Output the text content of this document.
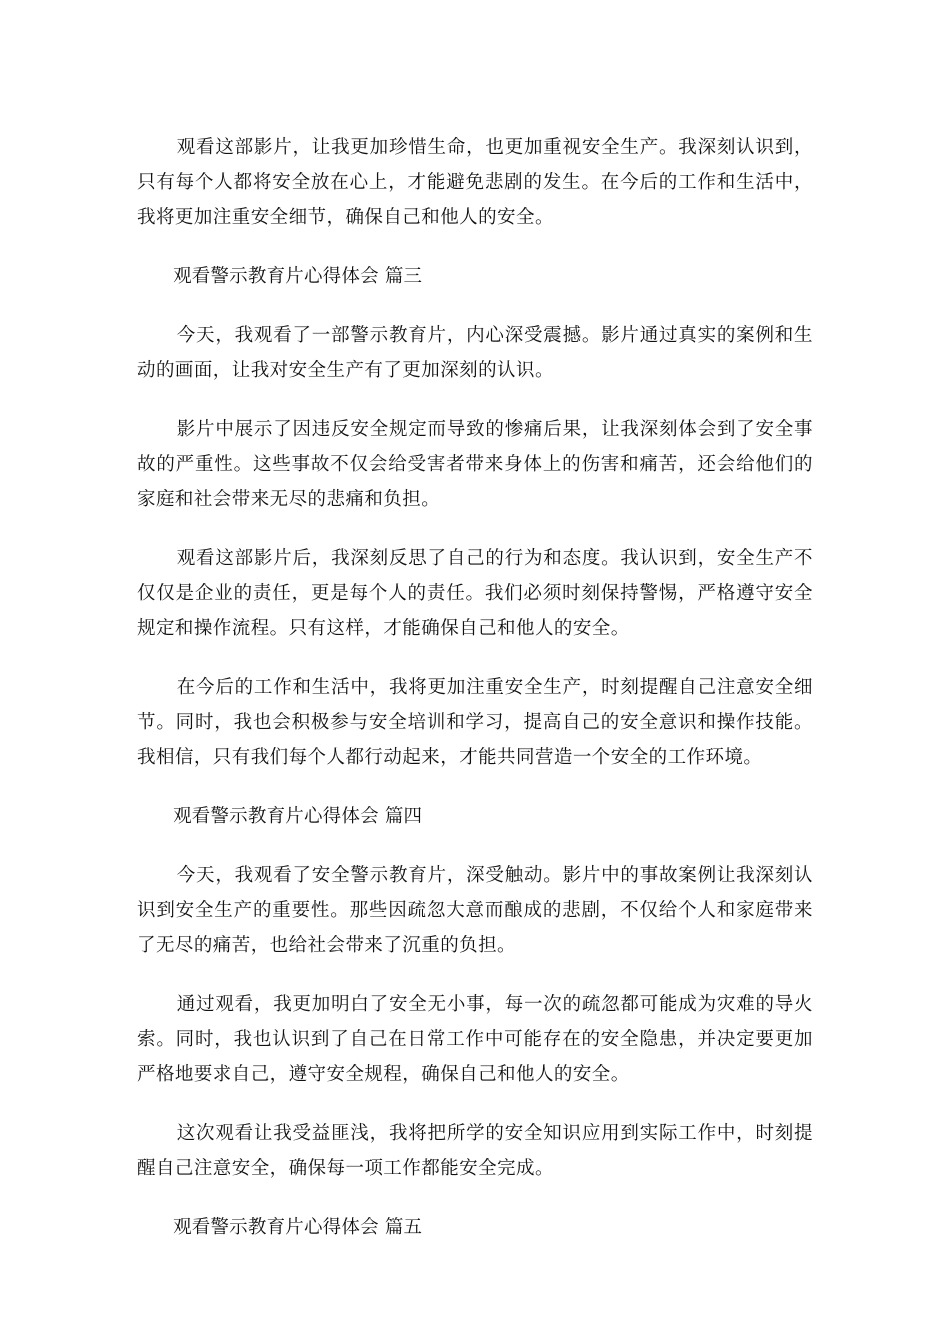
观看这部影片，让我更加珍惜生命，也更加重视安全生产。我深刻认识到，只有每个人都将安全放在心上，才能避免悲剧的发生。在今后的工作和生活中，我将更加注重安全细节，确保自己和他人的安全。

观看警示教育片心得体会 篇三

今天，我观看了一部警示教育片，内心深受震撼。影片通过真实的案例和生动的画面，让我对安全生产有了更加深刻的认识。

影片中展示了因违反安全规定而导致的惨痛后果，让我深刻体会到了安全事故的严重性。这些事故不仅会给受害者带来身体上的伤害和痛苦，还会给他们的家庭和社会带来无尽的悲痛和负担。

观看这部影片后，我深刻反思了自己的行为和态度。我认识到，安全生产不仅仅是企业的责任，更是每个人的责任。我们必须时刻保持警惕，严格遵守安全规定和操作流程。只有这样，才能确保自己和他人的安全。

在今后的工作和生活中，我将更加注重安全生产，时刻提醒自己注意安全细节。同时，我也会积极参与安全培训和学习，提高自己的安全意识和操作技能。我相信，只有我们每个人都行动起来，才能共同营造一个安全的工作环境。

观看警示教育片心得体会 篇四

今天，我观看了安全警示教育片，深受触动。影片中的事故案例让我深刻认识到安全生产的重要性。那些因疏忽大意而酿成的悲剧，不仅给个人和家庭带来了无尽的痛苦，也给社会带来了沉重的负担。

通过观看，我更加明白了安全无小事，每一次的疏忽都可能成为灾难的导火索。同时，我也认识到了自己在日常工作中可能存在的安全隐患，并决定要更加严格地要求自己，遵守安全规程，确保自己和他人的安全。

这次观看让我受益匪浅，我将把所学的安全知识应用到实际工作中，时刻提醒自己注意安全，确保每一项工作都能安全完成。

观看警示教育片心得体会 篇五
